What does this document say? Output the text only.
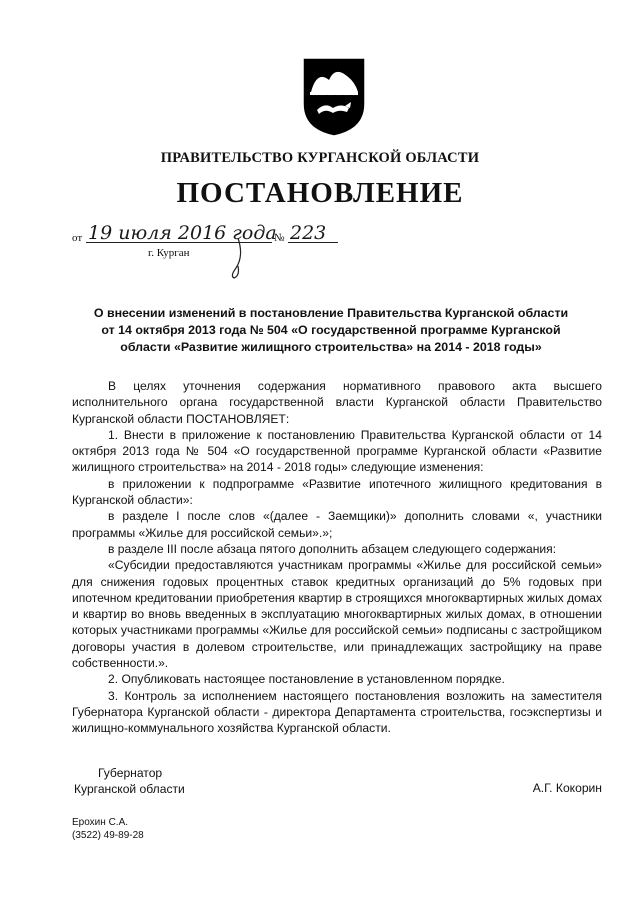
ПРАВИТЕЛЬСТВО КУРГАНСКОЙ ОБЛАСТИ
ПОСТАНОВЛЕНИЕ
от 19 июля 2016 года
№ 223
г. Курган
О внесении изменений в постановление Правительства Курганской области
от 14 октября 2013 года № 504 «О государственной программе Курганской
области «Развитие жилищного строительства» на 2014 - 2018 годы»

В целях уточнения содержания нормативного правового акта высшего исполнительного органа государственной власти Курганской области Правительство Курганской области ПОСТАНОВЛЯЕТ:

1. Внести в приложение к постановлению Правительства Курганской области от 14 октября 2013 года № 504 «О государственной программе Курганской области «Развитие жилищного строительства» на 2014 - 2018 годы» следующие изменения:

в приложении к подпрограмме «Развитие ипотечного жилищного кредитования в Курганской области»:

в разделе I после слов «(далее - Заемщики)» дополнить словами «, участники программы «Жилье для российской семьи».»;

в разделе III после абзаца пятого дополнить абзацем следующего содержания:

«Субсидии предоставляются участникам программы «Жилье для российской семьи» для снижения годовых процентных ставок кредитных организаций до 5% годовых при ипотечном кредитовании приобретения квартир в строящихся многоквартирных жилых домах и квартир во вновь введенных в эксплуатацию многоквартирных жилых домах, в отношении которых участниками программы «Жилье для российской семьи» подписаны с застройщиком договоры участия в долевом строительстве, или принадлежащих застройщику на праве собственности.».

2. Опубликовать настоящее постановление в установленном порядке.

3. Контроль за исполнением настоящего постановления возложить на заместителя Губернатора Курганской области - директора Департамента строительства, госэкспертизы и жилищно-коммунального хозяйства Курганской области.

Губернатор
Курганской области	А.Г. Кокорин
Ерохин С.А.
(3522) 49-89-28
